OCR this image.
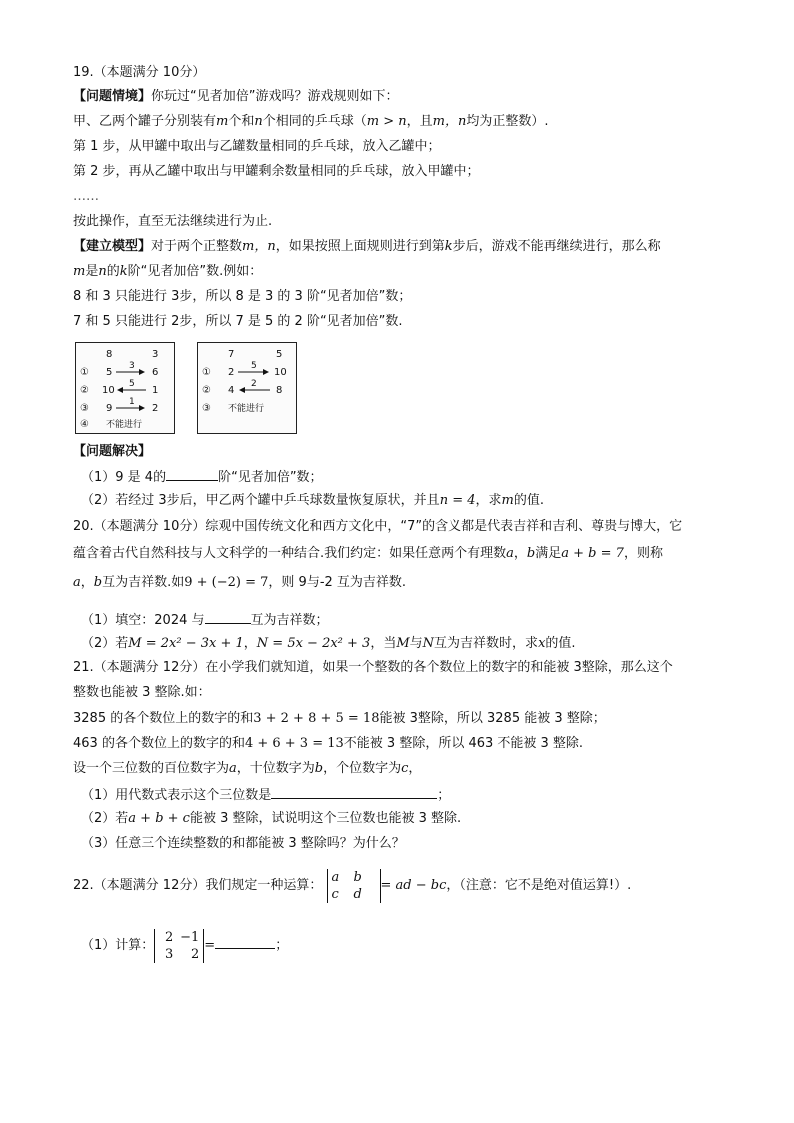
19.（本题满分 10分）
【问题情境】你玩过“见者加倍”游戏吗？游戏规则如下：
甲、乙两个罐子分别装有m个和n个相同的乒乓球（m > n，且m，n均为正整数）.
第 1 步，从甲罐中取出与乙罐数量相同的乒乓球，放入乙罐中；
第 2 步，再从乙罐中取出与甲罐剩余数量相同的乒乓球，放入甲罐中；
……
按此操作，直至无法继续进行为止.
【建立模型】对于两个正整数m，n，如果按照上面规则进行到第k步后，游戏不能再继续进行，那么称
m是n的k阶“见者加倍”数.例如：
8 和 3 只能进行 3步，所以 8 是 3 的 3 阶“见者加倍”数；
7 和 5 只能进行 2步，所以 7 是 5 的 2 阶“见者加倍”数.
8	3
① 5
3
6
② 10
5
1
③ 9
1
2
④ 不能进行
7	5
① 2
5
10
② 4
2
8
③ 不能进行
【问题解决】
（1）9 是 4的	阶“见者加倍”数；
（2）若经过 3步后，甲乙两个罐中乒乓球数量恢复原状，并且n = 4，求m的值.
20.（本题满分 10分）综观中国传统文化和西方文化中，“7”的含义都是代表吉祥和吉利、尊贵与博大，它
蕴含着古代自然科技与人文科学的一种结合.我们约定：如果任意两个有理数a，b满足a + b = 7，则称
a，b互为吉祥数.如9 + (−2) = 7，则 9与-2 互为吉祥数.
（1）填空：2024 与	互为吉祥数；
（2）若M = 2x² − 3x + 1，N = 5x − 2x² + 3，当M与N互为吉祥数时，求x的值.
21.（本题满分 12分）在小学我们就知道，如果一个整数的各个数位上的数字的和能被 3整除，那么这个
整数也能被 3 整除.如：
3285 的各个数位上的数字的和3 + 2 + 8 + 5 = 18能被 3整除，所以 3285 能被 3 整除；
463 的各个数位上的数字的和4 + 6 + 3 = 13不能被 3 整除，所以 463 不能被 3 整除.
设一个三位数的百位数字为a，十位数字为b，个位数字为c，
（1）用代数式表示这个三位数是	；
（2）若a + b + c能被 3 整除，试说明这个三位数也能被 3 整除.
（3）任意三个连续整数的和都能被 3 整除吗？为什么？
22.（本题满分 12分）我们规定一种运算：
a b
c d
= ad − bc，（注意：它不是绝对值运算!）.
（1）计算：
2 −1
3 2
=	；
